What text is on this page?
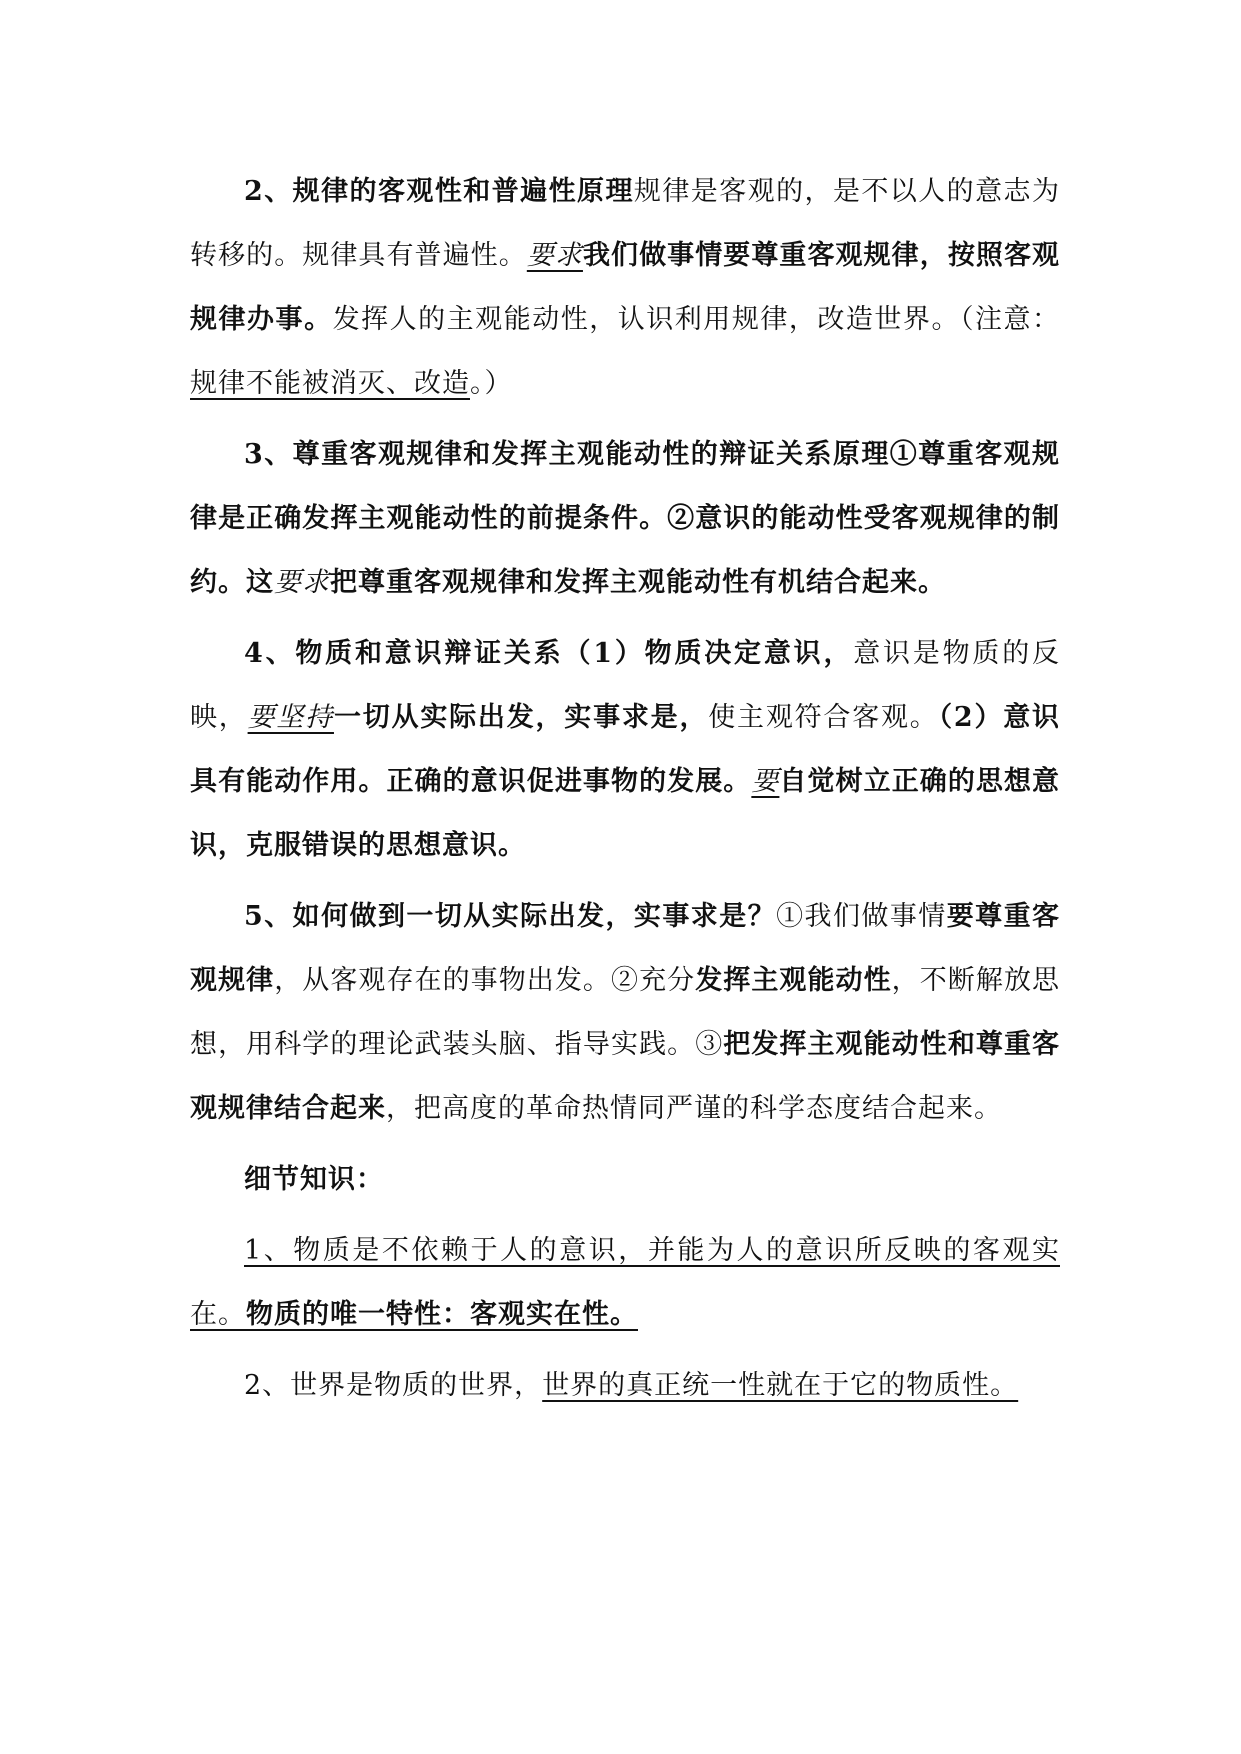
2、规律的客观性和普遍性原理规律是客观的，是不以人的意志为转移的。规律具有普遍性。要求我们做事情要尊重客观规律，按照客观规律办事。发挥人的主观能动性，认识利用规律，改造世界。（注意：规律不能被消灭、改造。）

3、尊重客观规律和发挥主观能动性的辩证关系原理①尊重客观规律是正确发挥主观能动性的前提条件。②意识的能动性受客观规律的制约。这要求把尊重客观规律和发挥主观能动性有机结合起来。

4、物质和意识辩证关系（1）物质决定意识，意识是物质的反映，要坚持一切从实际出发，实事求是，使主观符合客观。（2）意识具有能动作用。正确的意识促进事物的发展。要自觉树立正确的思想意识，克服错误的思想意识。

5、如何做到一切从实际出发，实事求是？①我们做事情要尊重客观规律，从客观存在的事物出发。②充分发挥主观能动性，不断解放思想，用科学的理论武装头脑、指导实践。③把发挥主观能动性和尊重客观规律结合起来，把高度的革命热情同严谨的科学态度结合起来。

细节知识：

1、物质是不依赖于人的意识，并能为人的意识所反映的客观实在。物质的唯一特性：客观实在性。

2、世界是物质的世界，世界的真正统一性就在于它的物质性。
